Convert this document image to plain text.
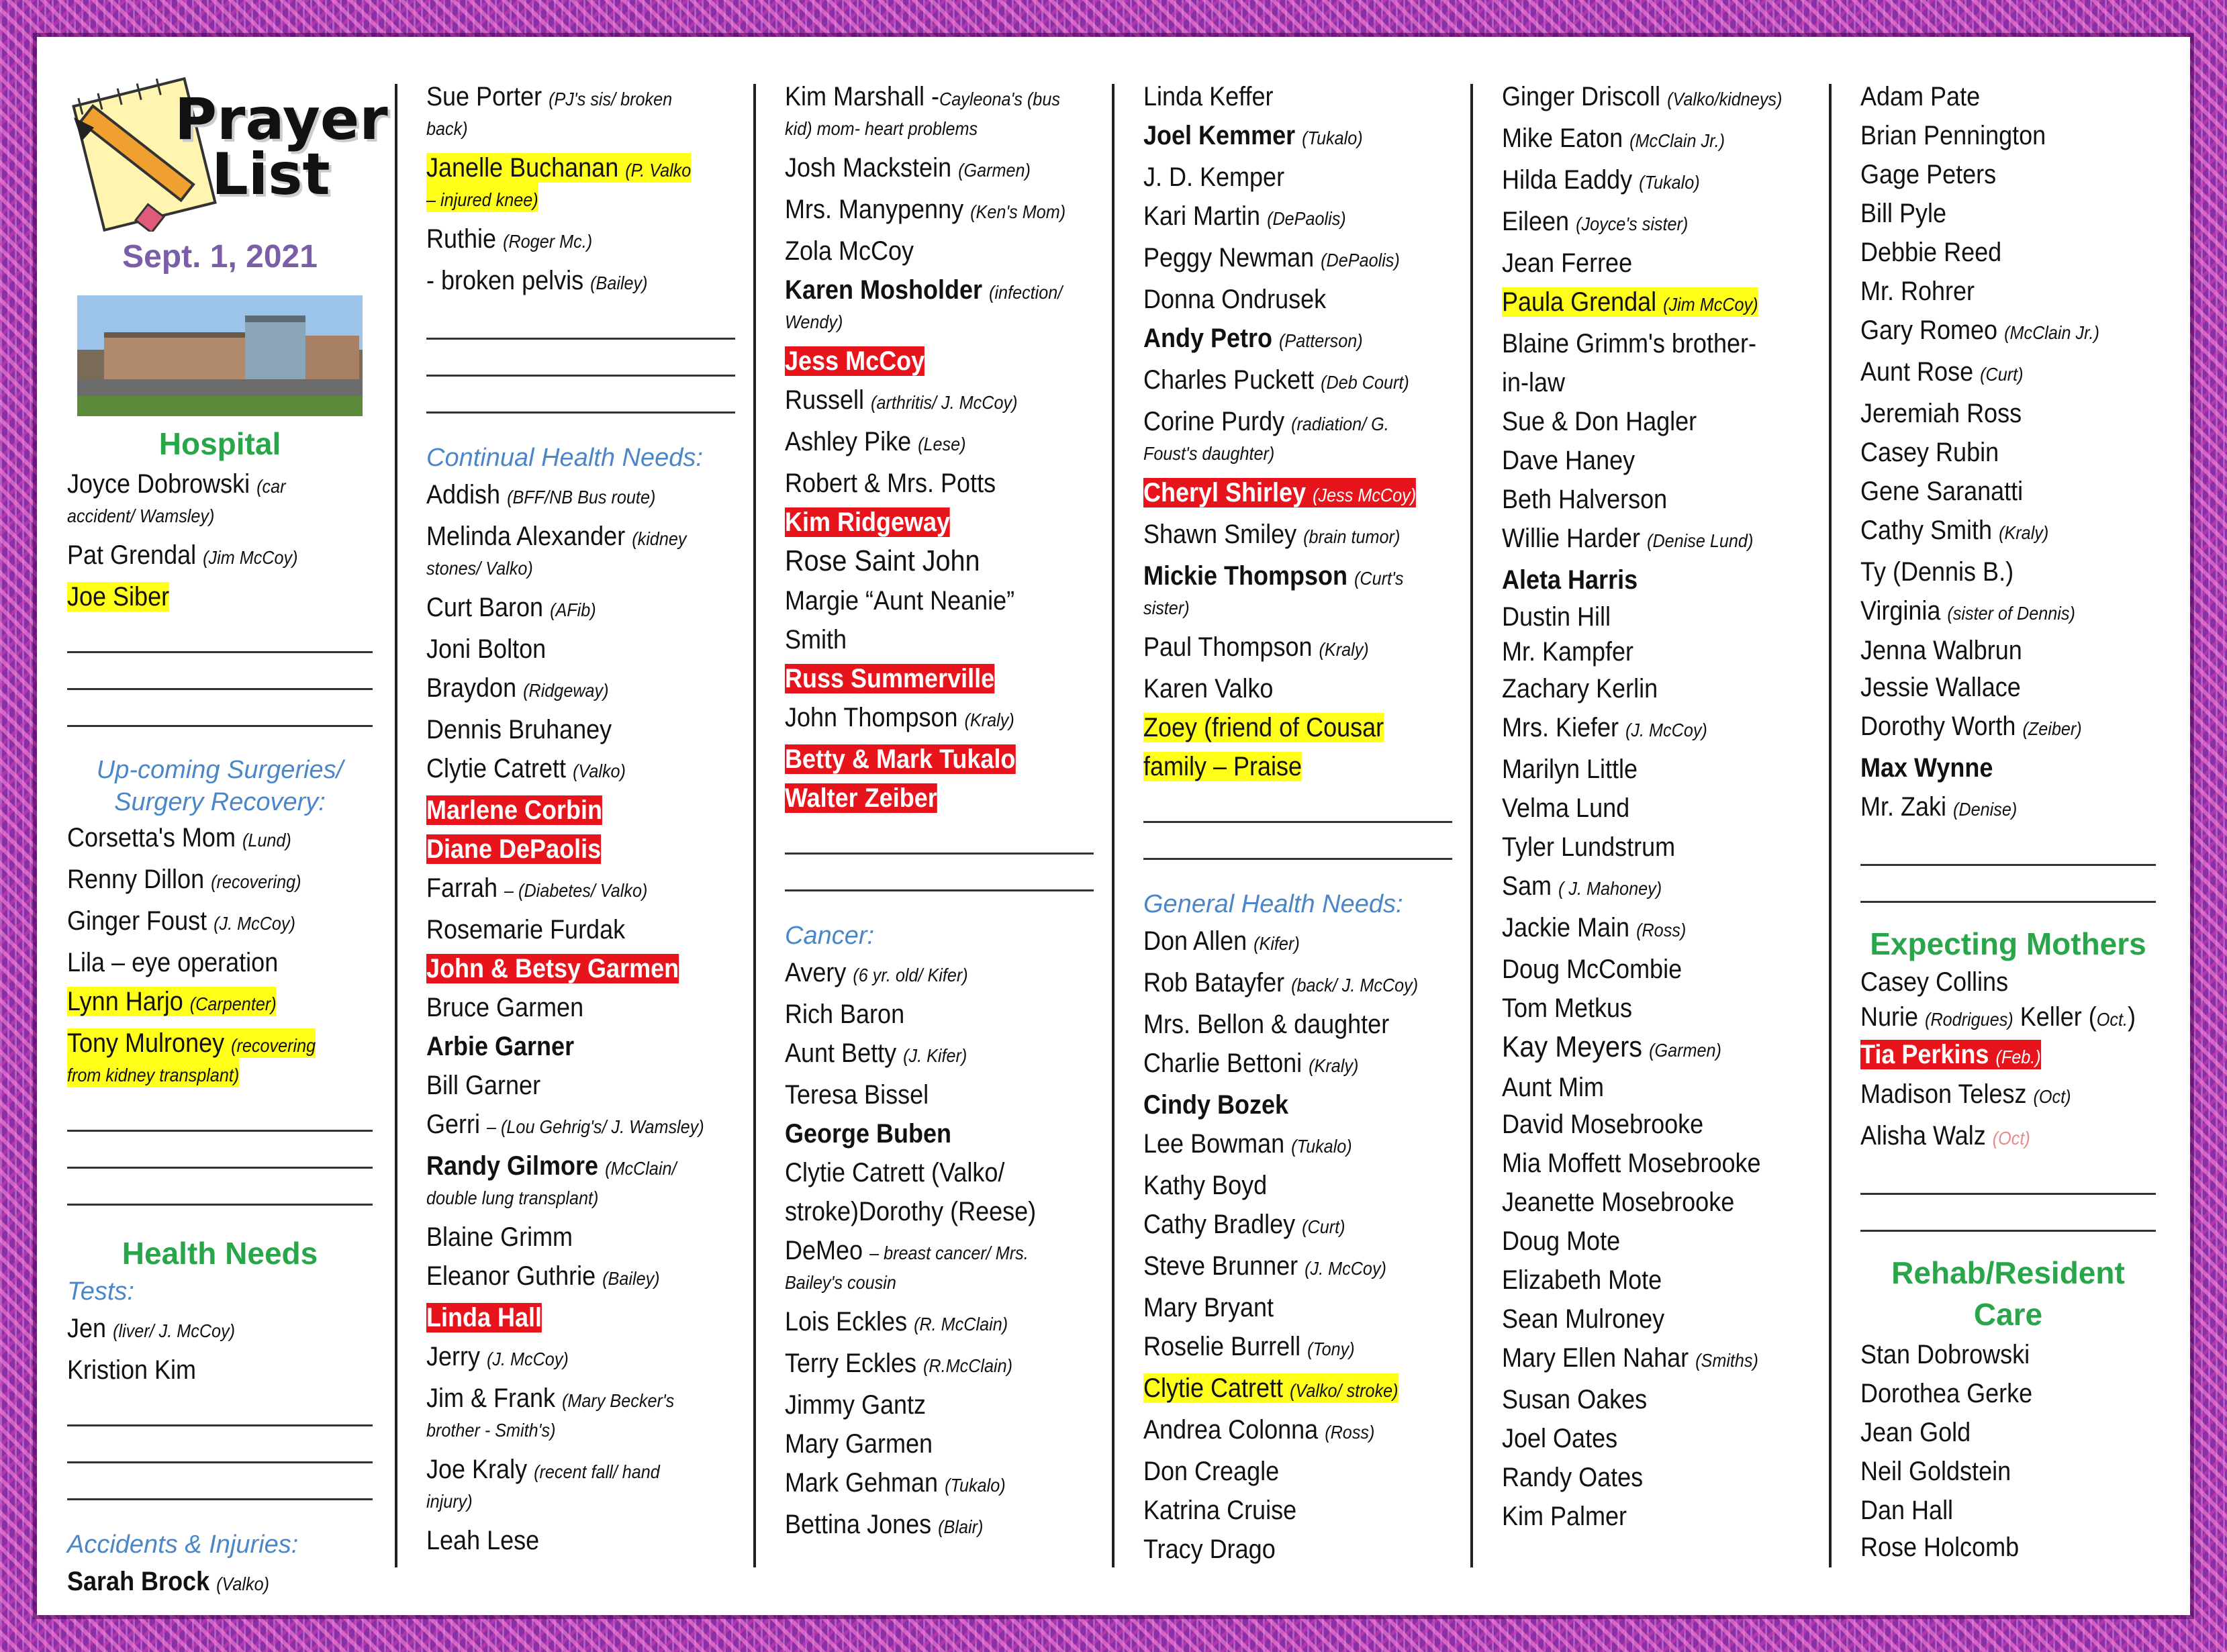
Prayer
List
Sept. 1, 2021
Hospital
Joyce Dobrowski (car accident/ Wamsley)
Pat Grendal (Jim McCoy)
Joe Siber
Up-coming Surgeries/
Surgery Recovery:
Corsetta's Mom (Lund)
Renny Dillon (recovering)
Ginger Foust (J. McCoy)
Lila – eye operation
Lynn Harjo (Carpenter)
Tony Mulroney (recovering from kidney transplant)
Health Needs
Tests:
Jen (liver/ J. McCoy)
Kristion Kim
Accidents & Injuries:
Sarah Brock (Valko)
Sue Porter (PJ's sis/ broken back)
Janelle Buchanan (P. Valko – injured knee)
Ruthie (Roger Mc.)
- broken pelvis (Bailey)
Continual Health Needs:
Addish (BFF/NB Bus route)
Melinda Alexander (kidney stones/ Valko)
Curt Baron (AFib)
Joni Bolton
Braydon (Ridgeway)
Dennis Bruhaney
Clytie Catrett (Valko)
Marlene Corbin
Diane DePaolis
Farrah – (Diabetes/ Valko)
Rosemarie Furdak
John & Betsy Garmen
Bruce Garmen
Arbie Garner
Bill Garner
Gerri – (Lou Gehrig's/ J. Wamsley)
Randy Gilmore (McClain/ double lung transplant)
Blaine Grimm
Eleanor Guthrie (Bailey)
Linda Hall
Jerry (J. McCoy)
Jim & Frank (Mary Becker's brother - Smith's)
Joe Kraly (recent fall/ hand injury)
Leah Lese
Kim Marshall -Cayleona's (bus kid) mom- heart problems
Josh Mackstein (Garmen)
Mrs. Manypenny (Ken's Mom)
Zola McCoy
Karen Mosholder (infection/ Wendy)
Jess McCoy
Russell (arthritis/ J. McCoy)
Ashley Pike (Lese)
Robert & Mrs. Potts
Kim Ridgeway
Rose Saint John
Margie “Aunt Neanie” Smith
Russ Summerville
John Thompson (Kraly)
Betty & Mark Tukalo
Walter Zeiber
Cancer:
Avery (6 yr. old/ Kifer)
Rich Baron
Aunt Betty (J. Kifer)
Teresa Bissel
George Buben
Clytie Catrett (Valko/ stroke)Dorothy (Reese)
DeMeo – breast cancer/ Mrs. Bailey's cousin
Lois Eckles (R. McClain)
Terry Eckles (R.McClain)
Jimmy Gantz
Mary Garmen
Mark Gehman (Tukalo)
Bettina Jones (Blair)
Linda Keffer
Joel Kemmer (Tukalo)
J. D. Kemper
Kari Martin (DePaolis)
Peggy Newman (DePaolis)
Donna Ondrusek
Andy Petro (Patterson)
Charles Puckett (Deb Court)
Corine Purdy (radiation/ G. Foust's daughter)
Cheryl Shirley (Jess McCoy)
Shawn Smiley (brain tumor)
Mickie Thompson (Curt's sister)
Paul Thompson (Kraly)
Karen Valko
Zoey (friend of Cousar family – Praise
General Health Needs:
Don Allen (Kifer)
Rob Batayfer (back/ J. McCoy)
Mrs. Bellon & daughter
Charlie Bettoni (Kraly)
Cindy Bozek
Lee Bowman (Tukalo)
Kathy Boyd
Cathy Bradley (Curt)
Steve Brunner (J. McCoy)
Mary Bryant
Roselie Burrell (Tony)
Clytie Catrett (Valko/ stroke)
Andrea Colonna (Ross)
Don Creagle
Katrina Cruise
Tracy Drago
Ginger Driscoll (Valko/kidneys)
Mike Eaton (McClain Jr.)
Hilda Eaddy (Tukalo)
Eileen (Joyce's sister)
Jean Ferree
Paula Grendal (Jim McCoy)
Blaine Grimm's brother-in-law
Sue & Don Hagler
Dave Haney
Beth Halverson
Willie Harder (Denise Lund)
Aleta Harris
Dustin Hill
Mr. Kampfer
Zachary Kerlin
Mrs. Kiefer (J. McCoy)
Marilyn Little
Velma Lund
Tyler Lundstrum
Sam ( J. Mahoney)
Jackie Main (Ross)
Doug McCombie
Tom Metkus
Kay Meyers (Garmen)
Aunt Mim
David Mosebrooke
Mia Moffett Mosebrooke
Jeanette Mosebrooke
Doug Mote
Elizabeth Mote
Sean Mulroney
Mary Ellen Nahar (Smiths)
Susan Oakes
Joel Oates
Randy Oates
Kim Palmer
Adam Pate
Brian Pennington
Gage Peters
Bill Pyle
Debbie Reed
Mr. Rohrer
Gary Romeo (McClain Jr.)
Aunt Rose (Curt)
Jeremiah Ross
Casey Rubin
Gene Saranatti
Cathy Smith (Kraly)
Ty (Dennis B.)
Virginia (sister of Dennis)
Jenna Walbrun
Jessie Wallace
Dorothy Worth (Zeiber)
Max Wynne
Mr. Zaki (Denise)
Expecting Mothers
Casey Collins
Nurie (Rodrigues) Keller (Oct.)
Tia Perkins (Feb.)
Madison Telesz (Oct)
Alisha Walz (Oct)
Rehab/Resident Care
Stan Dobrowski
Dorothea Gerke
Jean Gold
Neil Goldstein
Dan Hall
Rose Holcomb
